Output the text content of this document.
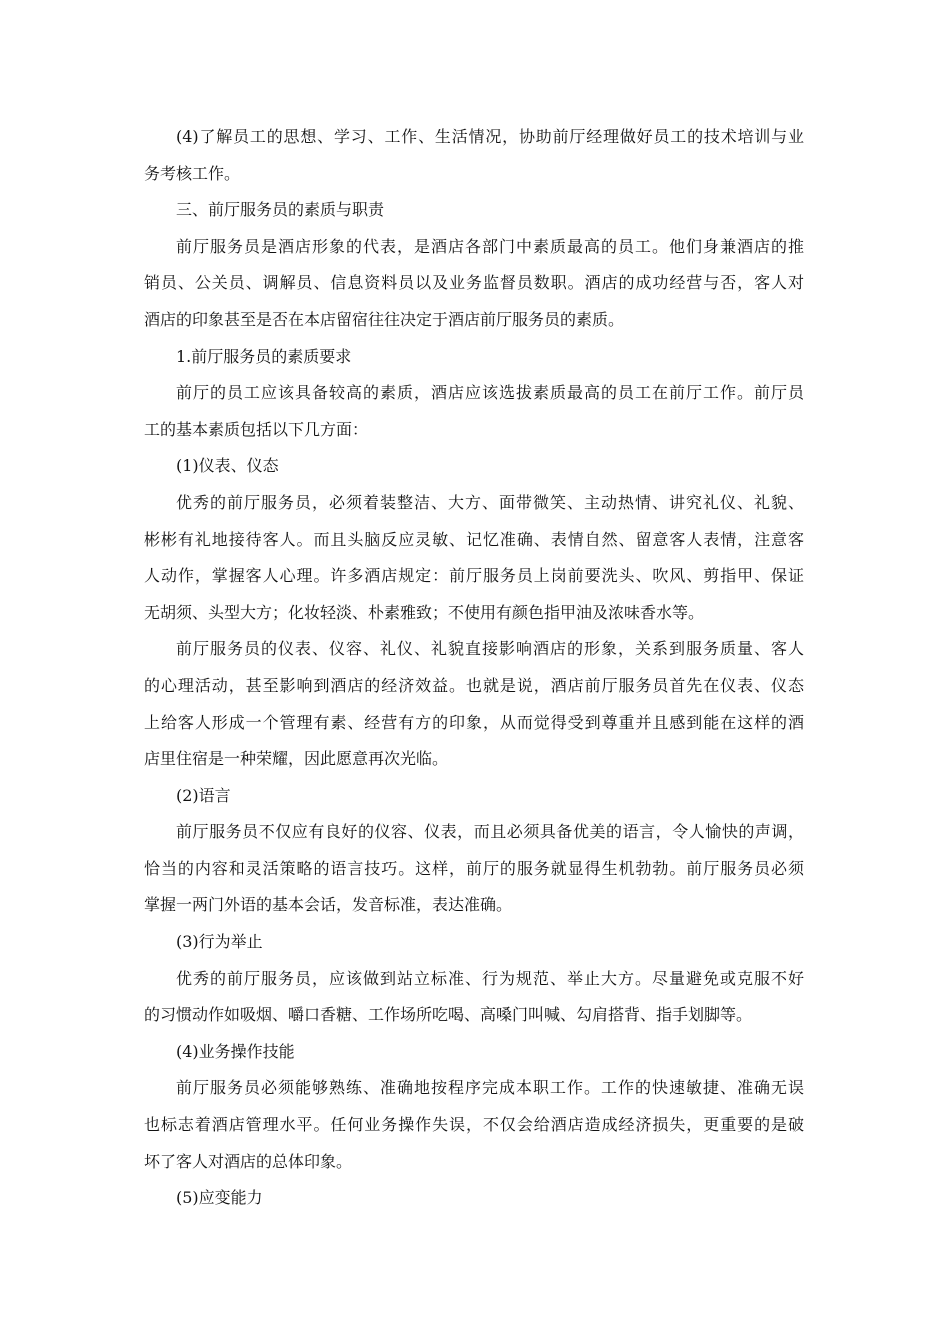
(4)了解员工的思想、学习、工作、生活情况，协助前厅经理做好员工的技术培训与业
务考核工作。

三、前厅服务员的素质与职责

前厅服务员是酒店形象的代表，是酒店各部门中素质最高的员工。他们身兼酒店的推
销员、公关员、调解员、信息资料员以及业务监督员数职。酒店的成功经营与否，客人对
酒店的印象甚至是否在本店留宿往往决定于酒店前厅服务员的素质。

1.前厅服务员的素质要求

前厅的员工应该具备较高的素质，酒店应该选拔素质最高的员工在前厅工作。前厅员
工的基本素质包括以下几方面：

(1)仪表、仪态

优秀的前厅服务员，必须着装整洁、大方、面带微笑、主动热情、讲究礼仪、礼貌、
彬彬有礼地接待客人。而且头脑反应灵敏、记忆准确、表情自然、留意客人表情，注意客
人动作，掌握客人心理。许多酒店规定：前厅服务员上岗前要洗头、吹风、剪指甲、保证
无胡须、头型大方；化妆轻淡、朴素雅致；不使用有颜色指甲油及浓味香水等。

前厅服务员的仪表、仪容、礼仪、礼貌直接影响酒店的形象，关系到服务质量、客人
的心理活动，甚至影响到酒店的经济效益。也就是说，酒店前厅服务员首先在仪表、仪态
上给客人形成一个管理有素、经营有方的印象，从而觉得受到尊重并且感到能在这样的酒
店里住宿是一种荣耀，因此愿意再次光临。

(2)语言

前厅服务员不仅应有良好的仪容、仪表，而且必须具备优美的语言，令人愉快的声调，
恰当的内容和灵活策略的语言技巧。这样，前厅的服务就显得生机勃勃。前厅服务员必须
掌握一两门外语的基本会话，发音标准，表达准确。

(3)行为举止

优秀的前厅服务员，应该做到站立标准、行为规范、举止大方。尽量避免或克服不好
的习惯动作如吸烟、嚼口香糖、工作场所吃喝、高嗓门叫喊、勾肩搭背、指手划脚等。

(4)业务操作技能

前厅服务员必须能够熟练、准确地按程序完成本职工作。工作的快速敏捷、准确无误
也标志着酒店管理水平。任何业务操作失误，不仅会给酒店造成经济损失，更重要的是破
坏了客人对酒店的总体印象。

(5)应变能力
